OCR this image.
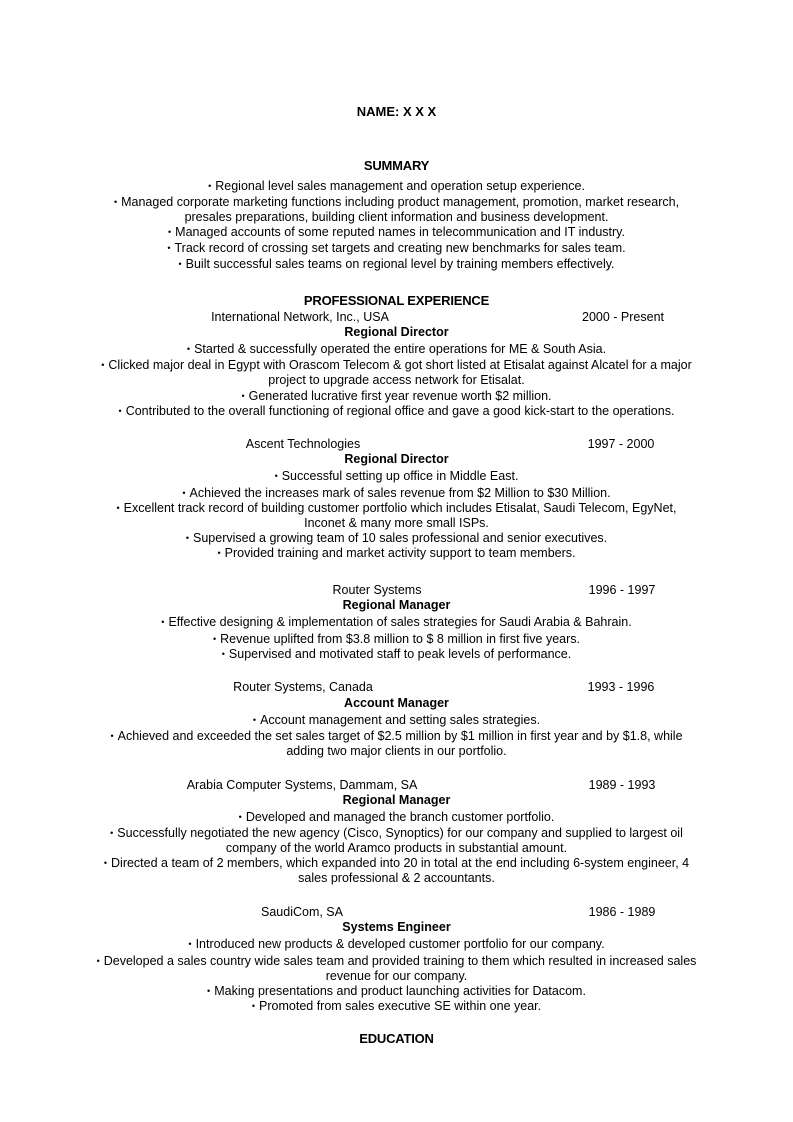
NAME: X X X
SUMMARY
• Regional level sales management and operation setup experience.
• Managed corporate marketing functions including product management, promotion, market research,
presales preparations, building client information and business development.
• Managed accounts of some reputed names in telecommunication and IT industry.
• Track record of crossing set targets and creating new benchmarks for sales team.
• Built successful sales teams on regional level by training members effectively.
PROFESSIONAL EXPERIENCE
International Network, Inc., USA	2000 - Present
Regional Director
• Started & successfully operated the entire operations for ME & South Asia.
• Clicked major deal in Egypt with Orascom Telecom & got short listed at Etisalat against Alcatel for a major
project to upgrade access network for Etisalat.
• Generated lucrative first year revenue worth $2 million.
• Contributed to the overall functioning of regional office and gave a good kick-start to the operations.
Ascent Technologies	1997 - 2000
Regional Director
• Successful setting up office in Middle East.
• Achieved the increases mark of sales revenue from $2 Million to $30 Million.
• Excellent track record of building customer portfolio which includes Etisalat, Saudi Telecom, EgyNet,
Inconet & many more small ISPs.
• Supervised a growing team of 10 sales professional and senior executives.
• Provided training and market activity support to team members.
Router Systems	1996 - 1997
Regional Manager
• Effective designing & implementation of sales strategies for Saudi Arabia & Bahrain.
• Revenue uplifted from $3.8 million to $ 8 million in first five years.
• Supervised and motivated staff to peak levels of performance.
Router Systems, Canada	1993 - 1996
Account Manager
• Account management and setting sales strategies.
• Achieved and exceeded the set sales target of $2.5 million by $1 million in first year and by $1.8, while
adding two major clients in our portfolio.
Arabia Computer Systems, Dammam, SA	1989 - 1993
Regional Manager
• Developed and managed the branch customer portfolio.
• Successfully negotiated the new agency (Cisco, Synoptics) for our company and supplied to largest oil
company of the world Aramco products in substantial amount.
• Directed a team of 2 members, which expanded into 20 in total at the end including 6-system engineer, 4
sales professional & 2 accountants.
SaudiCom, SA	1986 - 1989
Systems Engineer
• Introduced new products & developed customer portfolio for our company.
• Developed a sales country wide sales team and provided training to them which resulted in increased sales
revenue for our company.
• Making presentations and product launching activities for Datacom.
• Promoted from sales executive SE within one year.
EDUCATION
